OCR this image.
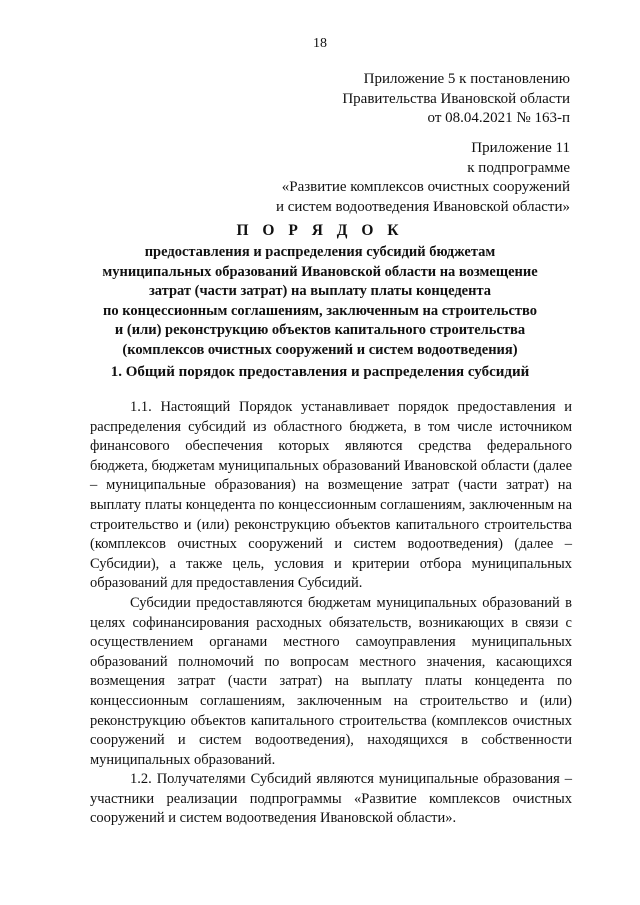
18
Приложение 5 к постановлению
Правительства Ивановской области
от 08.04.2021 № 163-п
Приложение 11
к подпрограмме
«Развитие комплексов очистных сооружений
и систем водоотведения Ивановской области»
П О Р Я Д О К
предоставления и распределения субсидий бюджетам
муниципальных образований Ивановской области на возмещение
затрат (части затрат) на выплату платы концедента
по концессионным соглашениям, заключенным на строительство
и (или) реконструкцию объектов капитального строительства
(комплексов очистных сооружений и систем водоотведения)
1. Общий порядок предоставления и распределения субсидий

1.1. Настоящий Порядок устанавливает порядок предоставления и распределения субсидий из областного бюджета, в том числе источником финансового обеспечения которых являются средства федерального бюджета, бюджетам муниципальных образований Ивановской области (далее – муниципальные образования) на возмещение затрат (части затрат) на выплату платы концедента по концессионным соглашениям, заключенным на строительство и (или) реконструкцию объектов капитального строительства (комплексов очистных сооружений и систем водоотведения) (далее – Субсидии), а также цель, условия и критерии отбора муниципальных образований для предоставления Субсидий.

Субсидии предоставляются бюджетам муниципальных образований в целях софинансирования расходных обязательств, возникающих в связи с осуществлением органами местного самоуправления муниципальных образований полномочий по вопросам местного значения, касающихся возмещения затрат (части затрат) на выплату платы концедента по концессионным соглашениям, заключенным на строительство и (или) реконструкцию объектов капитального строительства (комплексов очистных сооружений и систем водоотведения), находящихся в собственности муниципальных образований.

1.2. Получателями Субсидий являются муниципальные образования – участники реализации подпрограммы «Развитие комплексов очистных сооружений и систем водоотведения Ивановской области».
